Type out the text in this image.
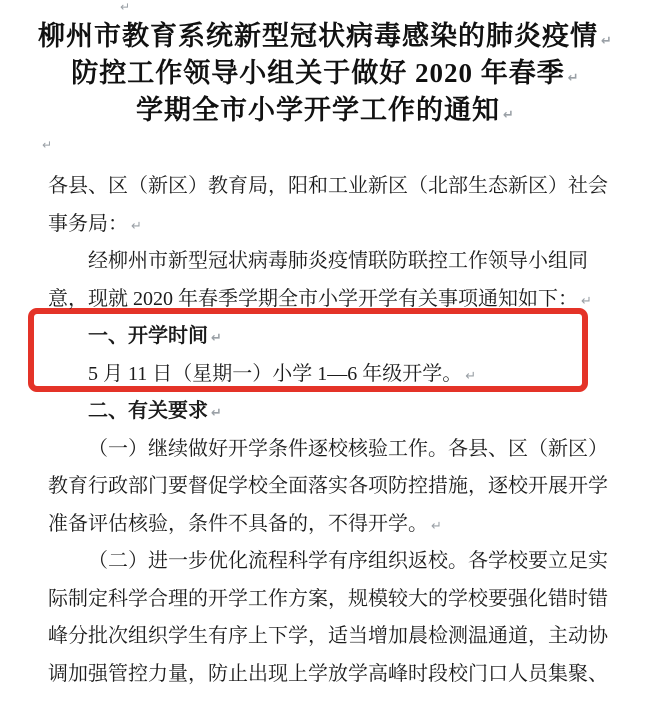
↵
↵
柳州市教育系统新型冠状病毒感染的肺炎疫情 ↵
防控工作领导小组关于做好 2020 年春季 ↵
学期全市小学开学工作的通知 ↵
各县、区（新区）教育局，阳和工业新区（北部生态新区）社会
事务局： ↵
经柳州市新型冠状病毒肺炎疫情联防联控工作领导小组同
意，现就 2020 年春季学期全市小学开学有关事项通知如下： ↵
一、开学时间 ↵
5 月 11 日（星期一）小学 1—6 年级开学。 ↵
二、有关要求 ↵
（一）继续做好开学条件逐校核验工作。各县、区（新区）
教育行政部门要督促学校全面落实各项防控措施，逐校开展开学
准备评估核验，条件不具备的，不得开学。 ↵
（二）进一步优化流程科学有序组织返校。各学校要立足实
际制定科学合理的开学工作方案，规模较大的学校要强化错时错
峰分批次组织学生有序上下学，适当增加晨检测温通道，主动协
调加强管控力量，防止出现上学放学高峰时段校门口人员集聚、
